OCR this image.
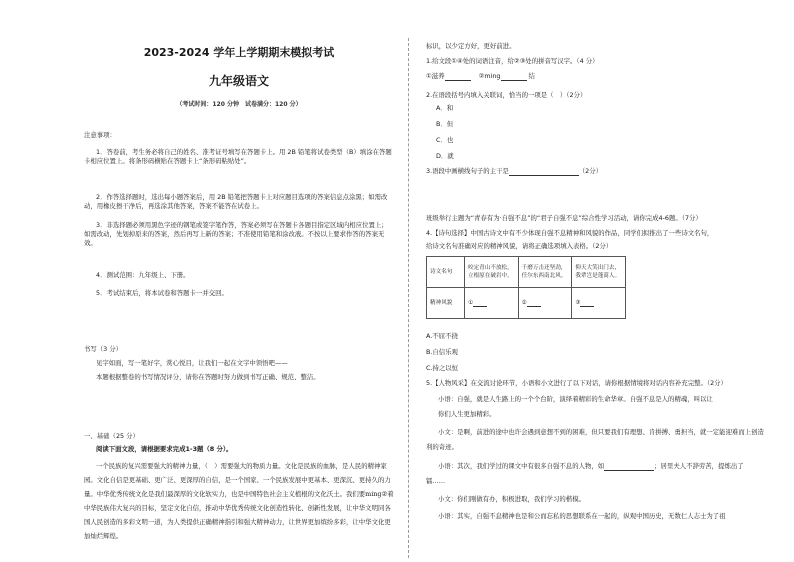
2023-2024 学年上学期期末模拟考试
九年级语文
（考试时间：120 分钟　试卷满分：120 分）
注意事项：
1．答卷前，考生务必将自己的姓名、准考证号填写在答题卡上。用 2B 铅笔将试卷类型（B）填涂在答题卡相应位置上。将条形码横贴在答题卡上“条形码粘贴处”。
2．作答选择题时，选出每小题答案后，用 2B 铅笔把答题卡上对应题目选项的答案信息点涂黑；如需改动，用橡皮擦干净后，再选涂其他答案，答案不能答在试卷上。
3．非选择题必须用黑色字迹的钢笔或签字笔作答，答案必须写在答题卡各题目指定区域内相应位置上；如需改动，先划掉原来的答案，然后再写上新的答案；不准使用铅笔和涂改液。不按以上要求作答的答案无效。
4．测试范围：九年级上、下册。
5．考试结束后，将本试卷和答题卡一并交回。
书写（3 分）
见字如面，写一笔好字，赏心悦目，让我们一起在文字中领悟吧——
本题根据整卷的书写情况评分，请你在答题时努力做到书写正确、规范、整洁。
一、基础（25 分）
阅读下面文段，请根据要求完成1-3题（8 分）。
一个民族的复兴需要强大的精神力量，（　）需要强大的物质力量。文化是民族的血脉，是人民的精神家园。文化自信是更基础、更广泛、更深厚的自信，是一个国家、一个民族发展中更基本、更深沉、更持久的力量。中华优秀传统文化是我们最深厚的文化软实力，也是中国特色社会主义植根的文化沃土。我们要ming②着中华民族伟大复兴的目标，坚定文化自信，推动中华优秀传统文化创造性转化、创新性发展，让中华文明同各国人民创造的多彩文明一道，为人类提供正确精神指引和强大精神动力，让世界更加缤纷多彩，让中华文化更加灿烂辉煌。
标识，以少定方好，更好前进。
1.给文段①④处的词语注音，给②③处的拼音写汉字。（4 分）
①滋养	②ming	结
2.在语段括号内填入关联词，恰当的一项是（　）（2分）
A．和
B．但
C．也
D．就
3.语段中画横线句子的主干是	（2分）
班级举行主题为“青春有为·自强不息”的“君子自强不息”综合性学习活动，请你完成4-6题。（7分）
4.【诗句选择】中国古诗文中有不少体现自强不息精神和风貌的作品，同学们拟推出了一些诗文名句，
给诗文名句准确对应的精神风貌，请将正确选项填入表格。（2分）
诗文名句	咬定青山不放松，立根原在破岩中。	千磨万击还坚劲，任尔东西南北风。	仰天大笑出门去，我辈岂是蓬蒿人。
精神风貌	①	②	③
A.不屈不挠
B.自信乐观
C.持之以恒
5.【人物风采】在交流讨论环节，小语和小文进行了以下对话，请你根据情境将对话内容补充完整。（2分）
小语：自强，就是人生路上的一个个台阶，演绎着精彩的生命华章。自强不息是人的精魂，叫以让
你们人生更加精彩。
小文：是啊，前进的途中也许会遇到意想不到的困难，但只要我们有理想、肯拼搏、勇担当，就一定能迎难而上创造
利的奇迹。
小语：其次，我们学过的课文中有很多自强不息的人物，如	；居里夫人不辞劳苦，提炼出了
镭……
小文：你们刚做有办，积极进取，我们学习的楷模。
小语：其实，自强不息精神也是和公而忘私的思想联系在一起的，纵观中国历史，无数仁人志士为了祖
